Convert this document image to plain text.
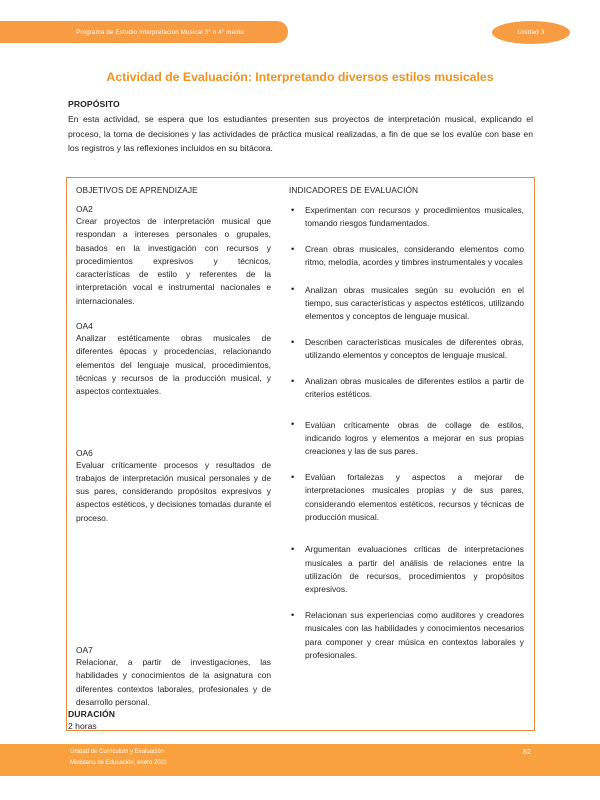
Programa de Estudio Interpretación Musical 3° o 4° medio	Unidad 3
Actividad de Evaluación: Interpretando diversos estilos musicales

PROPÓSITO

En esta actividad, se espera que los estudiantes presenten sus proyectos de interpretación musical, explicando el proceso, la toma de decisiones y las actividades de práctica musical realizadas, a fin de que se los evalúe con base en los registros y las reflexiones incluidos en su bitácora.

OBJETIVOS DE APRENDIZAJE

OA2

Crear proyectos de interpretación musical que respondan a intereses personales o grupales, basados en la investigación con recursos y procedimientos expresivos y técnicos, características de estilo y referentes de la interpretación vocal e instrumental nacionales e internacionales.

OA4

Analizar estéticamente obras musicales de diferentes épocas y procedencias, relacionando elementos del lenguaje musical, procedimientos, técnicas y recursos de la producción musical, y aspectos contextuales.

OA6

Evaluar críticamente procesos y resultados de trabajos de interpretación musical personales y de sus pares, considerando propósitos expresivos y aspectos estéticos, y decisiones tomadas durante el proceso.

OA7

Relacionar, a partir de investigaciones, las habilidades y conocimientos de la asignatura con diferentes contextos laborales, profesionales y de desarrollo personal.

INDICADORES DE EVALUACIÓN

• Experimentan con recursos y procedimientos musicales, tomando riesgos fundamentados.
• Crean obras musicales, considerando elementos como ritmo, melodía, acordes y timbres instrumentales y vocales
• Analizan obras musicales según su evolución en el tiempo, sus características y aspectos estéticos, utilizando elementos y conceptos de lenguaje musical.
• Describen características musicales de diferentes obras, utilizando elementos y conceptos de lenguaje musical.
• Analizan obras musicales de diferentes estilos a partir de criterios estéticos.
• Evalúan críticamente obras de collage de estilos, indicando logros y elementos a mejorar en sus propias creaciones y las de sus pares.
• Evalúan fortalezas y aspectos a mejorar de interpretaciones musicales propias y de sus pares, considerando elementos estéticos, recursos y técnicas de producción musical.
• Argumentan evaluaciones críticas de interpretaciones musicales a partir del análisis de relaciones entre la utilización de recursos, procedimientos y propósitos expresivos.
• Relacionan sus experiencias como auditores y creadores musicales con las habilidades y conocimientos necesarios para componer y crear música en contextos laborales y profesionales.

DURACIÓN

2 horas

Unidad de Currículum y Evaluación
Ministerio de Educación, enero 2021
82
